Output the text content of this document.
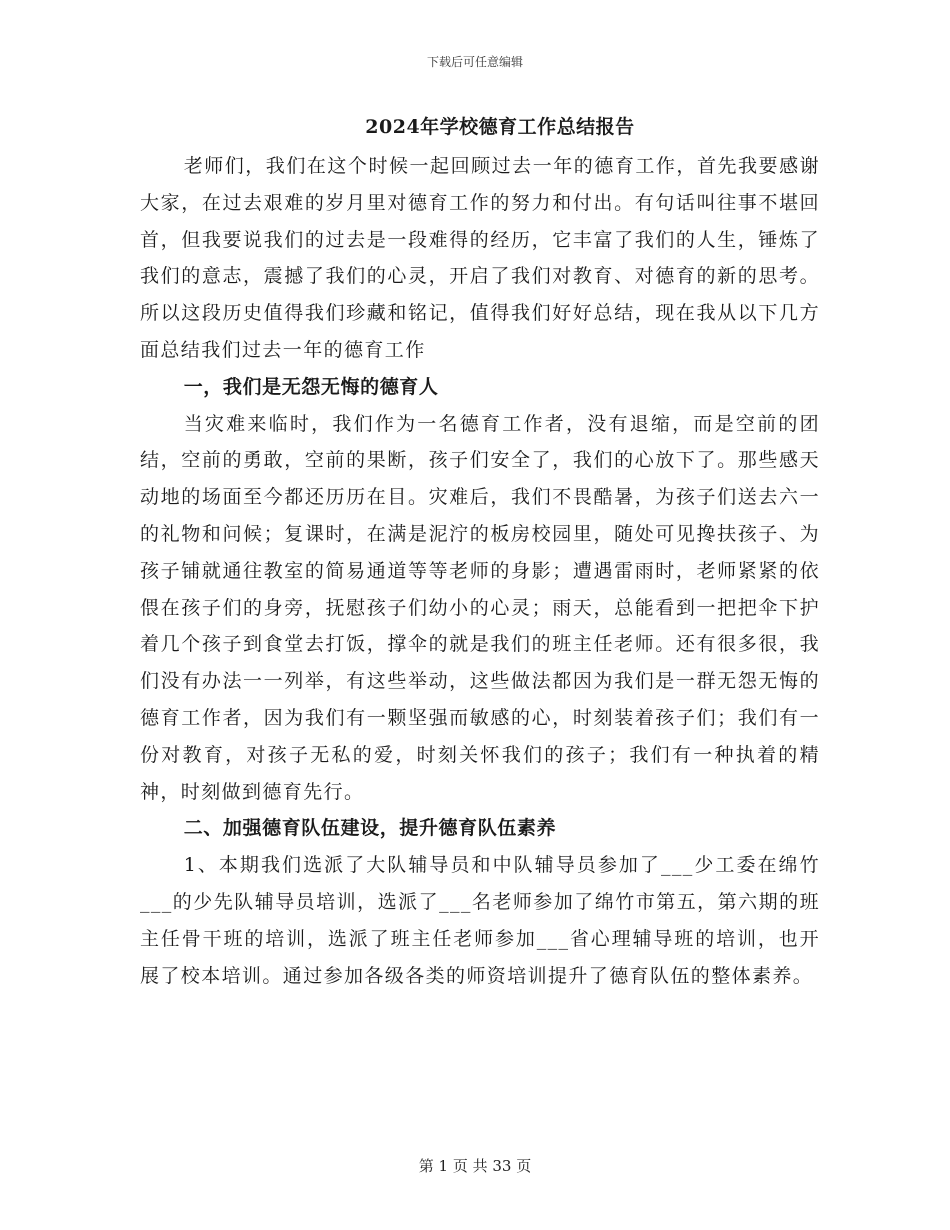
下载后可任意编辑
2024年学校德育工作总结报告

老师们，我们在这个时候一起回顾过去一年的德育工作，首先我要感谢大家，在过去艰难的岁月里对德育工作的努力和付出。有句话叫往事不堪回首，但我要说我们的过去是一段难得的经历，它丰富了我们的人生，锤炼了我们的意志，震撼了我们的心灵，开启了我们对教育、对德育的新的思考。所以这段历史值得我们珍藏和铭记，值得我们好好总结，现在我从以下几方面总结我们过去一年的德育工作

一，我们是无怨无悔的德育人

当灾难来临时，我们作为一名德育工作者，没有退缩，而是空前的团结，空前的勇敢，空前的果断，孩子们安全了，我们的心放下了。那些感天动地的场面至今都还历历在目。灾难后，我们不畏酷暑，为孩子们送去六一的礼物和问候；复课时，在满是泥泞的板房校园里，随处可见搀扶孩子、为孩子铺就通往教室的简易通道等等老师的身影；遭遇雷雨时，老师紧紧的依偎在孩子们的身旁，抚慰孩子们幼小的心灵；雨天，总能看到一把把伞下护着几个孩子到食堂去打饭，撑伞的就是我们的班主任老师。还有很多很，我们没有办法一一列举，有这些举动，这些做法都因为我们是一群无怨无悔的德育工作者，因为我们有一颗坚强而敏感的心，时刻装着孩子们；我们有一份对教育，对孩子无私的爱，时刻关怀我们的孩子；我们有一种执着的精神，时刻做到德育先行。

二、加强德育队伍建设，提升德育队伍素养

1、本期我们选派了大队辅导员和中队辅导员参加了___少工委在绵竹___的少先队辅导员培训，选派了___名老师参加了绵竹市第五，第六期的班主任骨干班的培训，选派了班主任老师参加___省心理辅导班的培训，也开展了校本培训。通过参加各级各类的师资培训提升了德育队伍的整体素养。

第 1 页 共 33 页
